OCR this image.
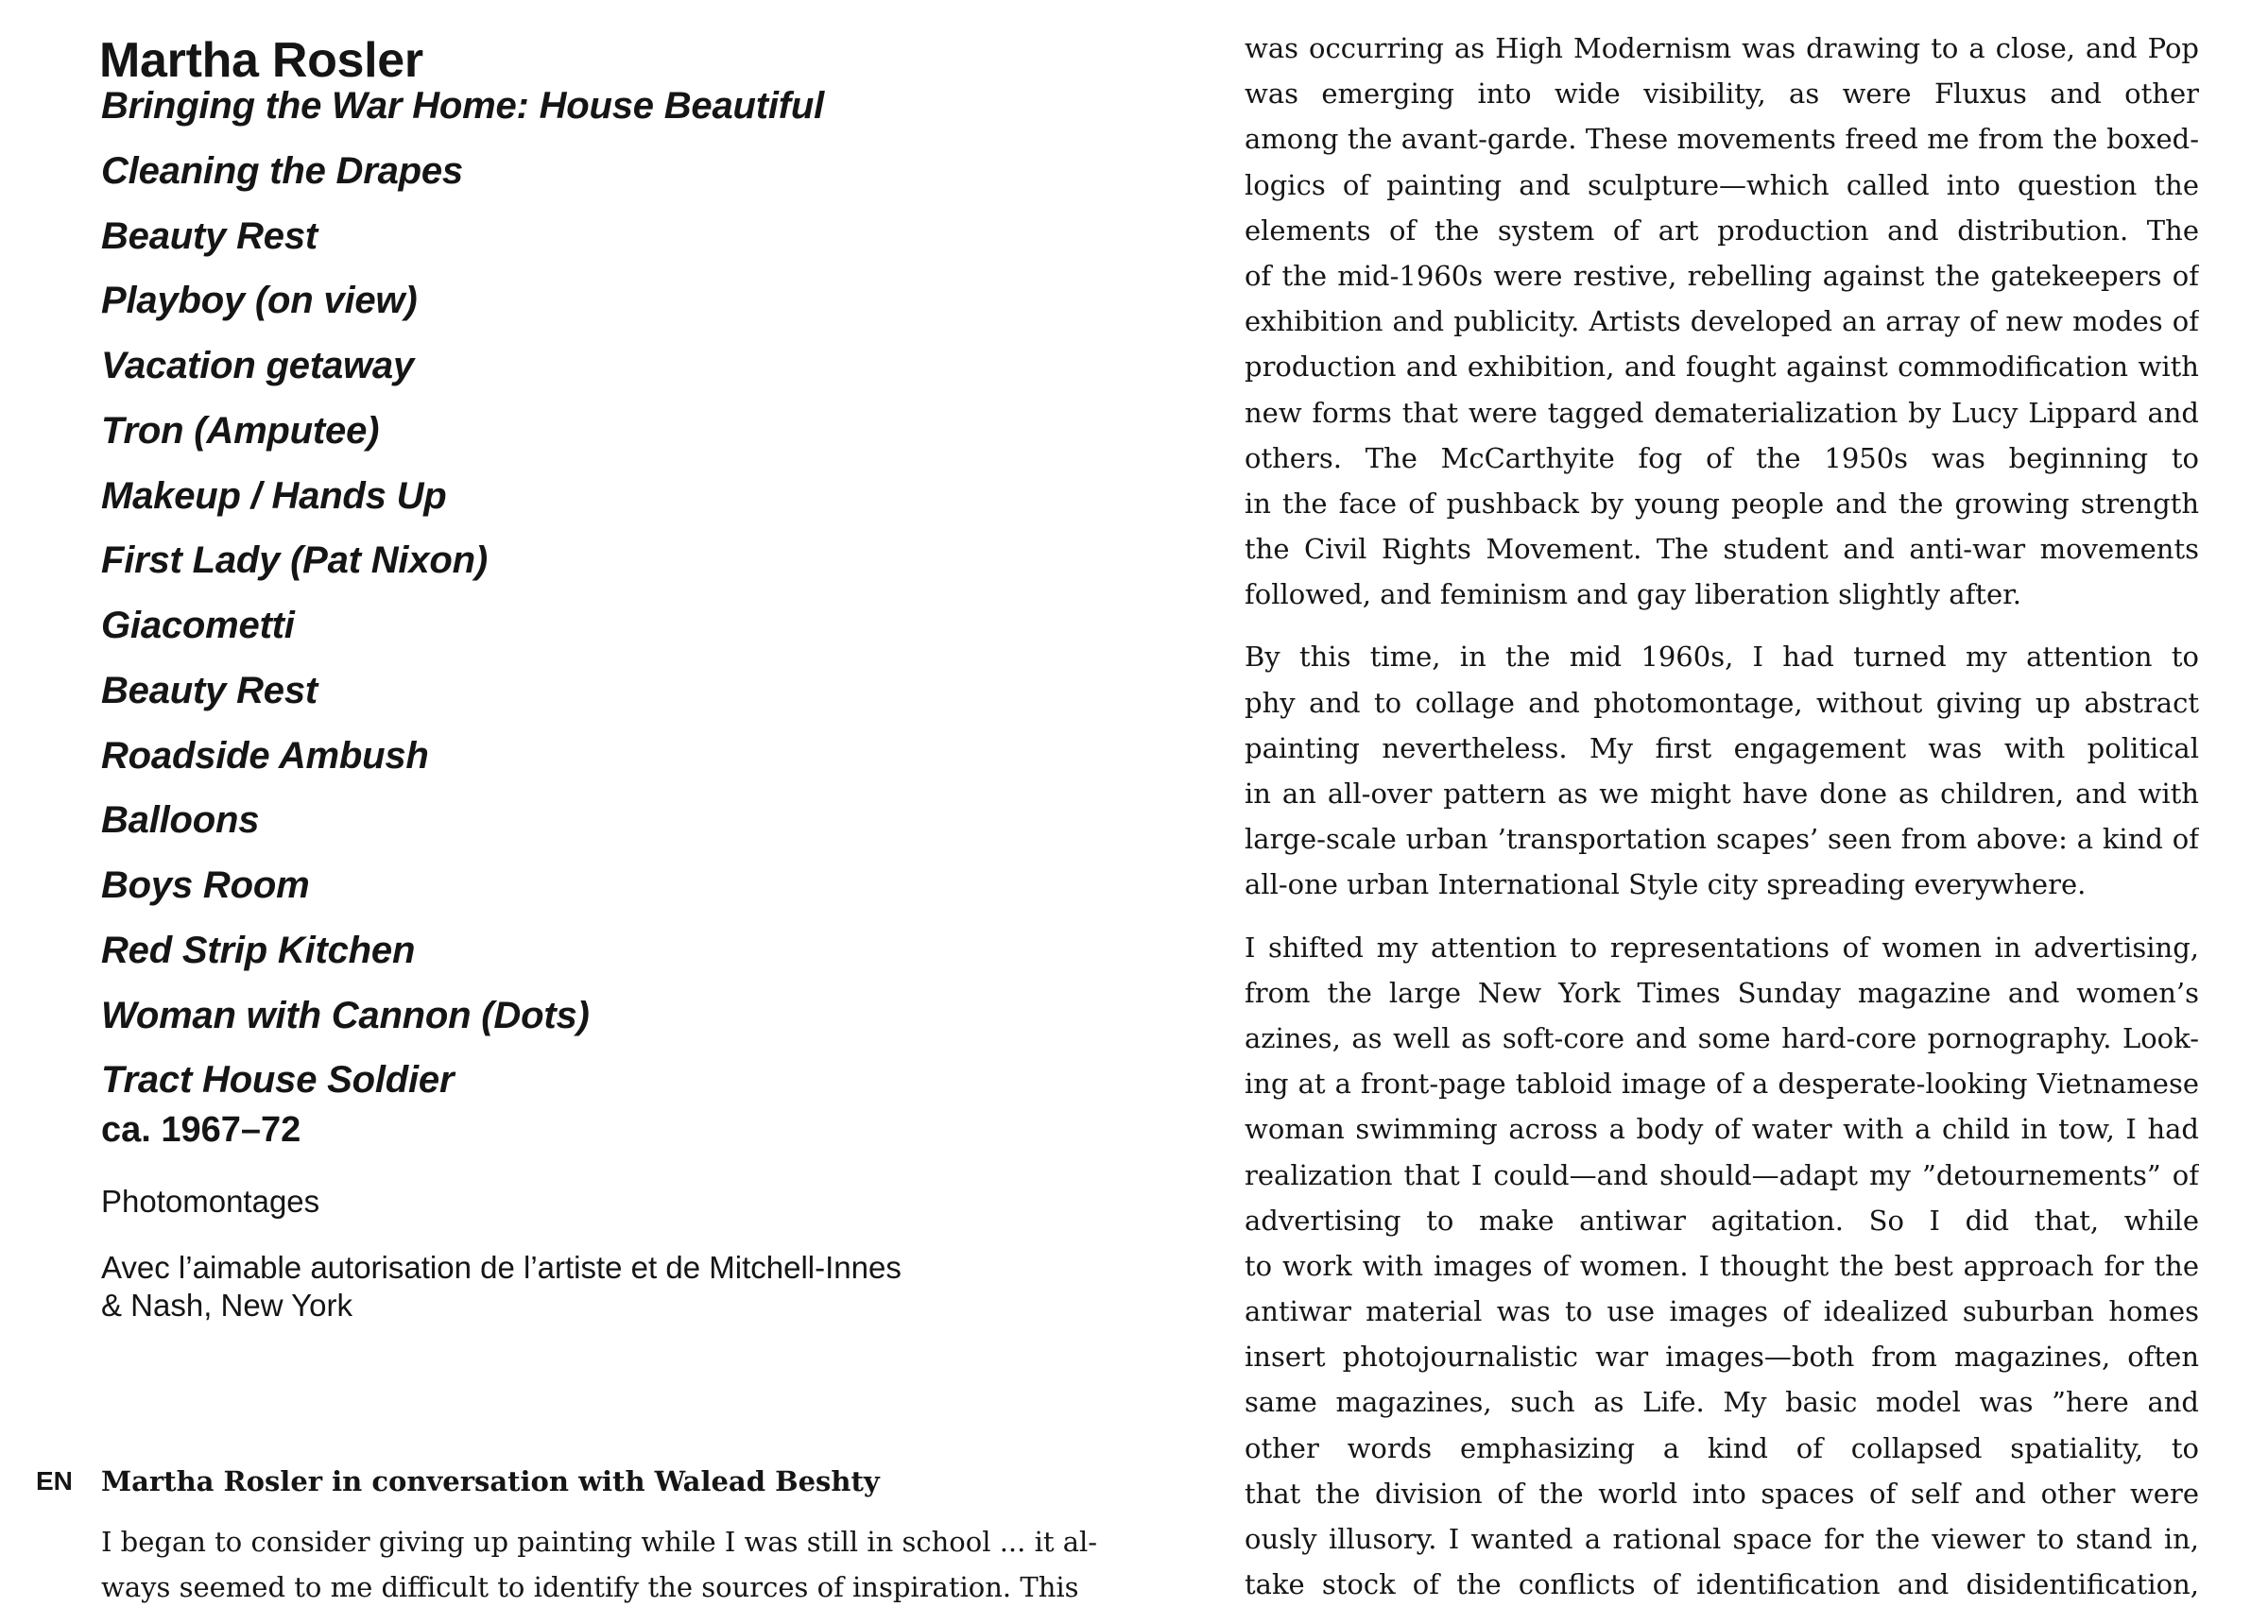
Martha Rosler
Bringing the War Home: House Beautiful
Cleaning the Drapes
Beauty Rest
Playboy (on view)
Vacation getaway
Tron (Amputee)
Makeup / Hands Up
First Lady (Pat Nixon)
Giacometti
Beauty Rest
Roadside Ambush
Balloons
Boys Room
Red Strip Kitchen
Woman with Cannon (Dots)
Tract House Soldier
ca. 1967–72
Photomontages
Avec l’aimable autorisation de l’artiste et de Mitchell-Innes
& Nash, New York
EN Martha Rosler in conversation with Walead Beshty
I began to consider giving up painting while I was still in school ... it al-
ways seemed to me difficult to identify the sources of inspiration. This
was occurring as High Modernism was drawing to a close, and Pop
was emerging into wide visibility, as were Fluxus and other
among the avant-garde. These movements freed me from the boxed-
logics of painting and sculpture—which called into question the
elements of the system of art production and distribution. The
of the mid-1960s were restive, rebelling against the gatekeepers of
exhibition and publicity. Artists developed an array of new modes of
production and exhibition, and fought against commodification with
new forms that were tagged dematerialization by Lucy Lippard and
others. The McCarthyite fog of the 1950s was beginning to
in the face of pushback by young people and the growing strength
the Civil Rights Movement. The student and anti-war movements
followed, and feminism and gay liberation slightly after.
By this time, in the mid 1960s, I had turned my attention to
phy and to collage and photomontage, without giving up abstract
painting nevertheless. My first engagement was with political
in an all-over pattern as we might have done as children, and with
large-scale urban ’transportation scapes’ seen from above: a kind of
all-one urban International Style city spreading everywhere.
I shifted my attention to representations of women in advertising,
from the large New York Times Sunday magazine and women’s
azines, as well as soft-core and some hard-core pornography. Look-
ing at a front-page tabloid image of a desperate-looking Vietnamese
woman swimming across a body of water with a child in tow, I had
realization that I could—and should—adapt my ”detournements” of
advertising to make antiwar agitation. So I did that, while
to work with images of women. I thought the best approach for the
antiwar material was to use images of idealized suburban homes
insert photojournalistic war images—both from magazines, often
same magazines, such as Life. My basic model was ”here and
other words emphasizing a kind of collapsed spatiality, to
that the division of the world into spaces of self and other were
ously illusory. I wanted a rational space for the viewer to stand in,
take stock of the conflicts of identification and disidentification,
